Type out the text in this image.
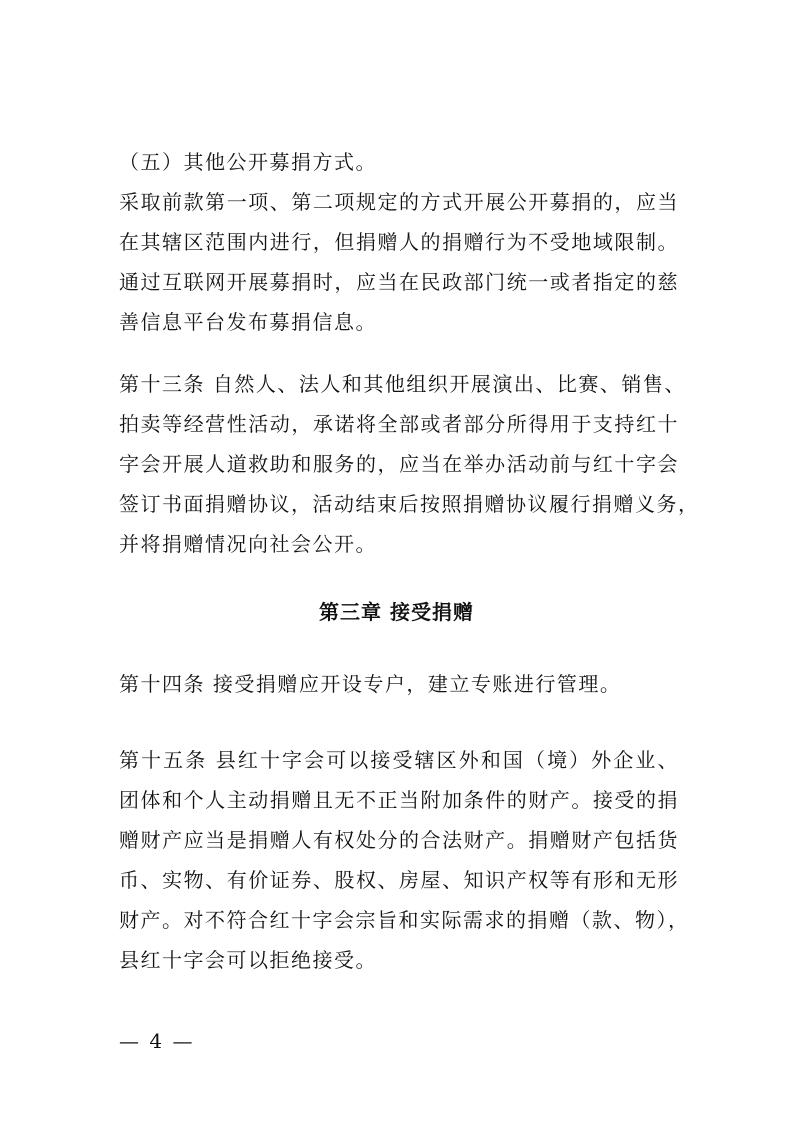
（五）其他公开募捐方式。
采取前款第一项、第二项规定的方式开展公开募捐的，应当
在其辖区范围内进行，但捐赠人的捐赠行为不受地域限制。
通过互联网开展募捐时，应当在民政部门统一或者指定的慈
善信息平台发布募捐信息。
第十三条 自然人、法人和其他组织开展演出、比赛、销售、
拍卖等经营性活动，承诺将全部或者部分所得用于支持红十
字会开展人道救助和服务的，应当在举办活动前与红十字会
签订书面捐赠协议，活动结束后按照捐赠协议履行捐赠义务，
并将捐赠情况向社会公开。
第三章 接受捐赠
第十四条 接受捐赠应开设专户，建立专账进行管理。
第十五条 县红十字会可以接受辖区外和国（境）外企业、
团体和个人主动捐赠且无不正当附加条件的财产。接受的捐
赠财产应当是捐赠人有权处分的合法财产。捐赠财产包括货
币、实物、有价证券、股权、房屋、知识产权等有形和无形
财产。对不符合红十字会宗旨和实际需求的捐赠（款、物），
县红十字会可以拒绝接受。
— 4 —
